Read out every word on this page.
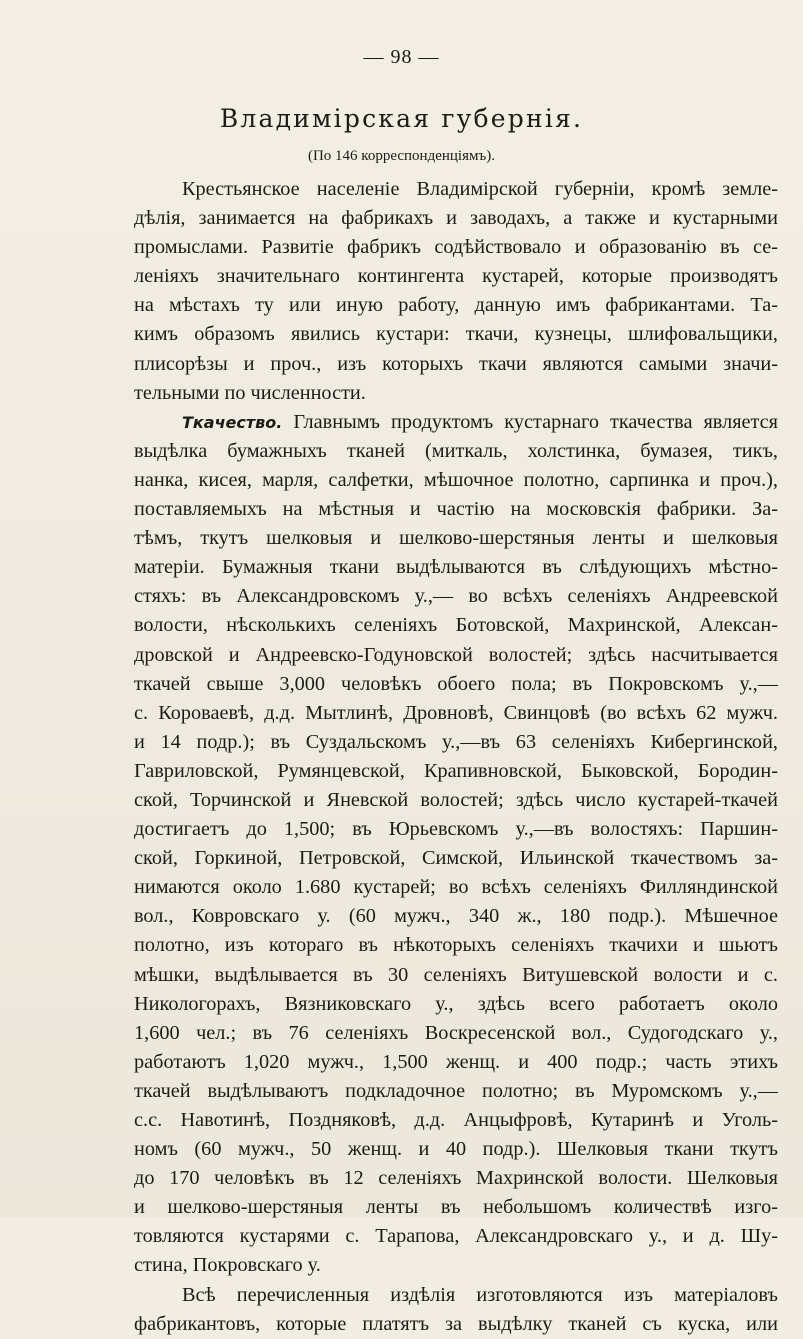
— 98 —
Владимірская губернія.
(По 146 корреспонденціямъ).
Крестьянское населеніе Владимірской губерніи, кромѣ земле-
дѣлія, занимается на фабрикахъ и заводахъ, а также и кустарными
промыслами. Развитіе фабрикъ содѣйствовало и образованію въ се-
леніяхъ значительнаго контингента кустарей, которые производятъ
на мѣстахъ ту или иную работу, данную имъ фабрикантами. Та-
кимъ образомъ явились кустари: ткачи, кузнецы, шлифовальщики,
плисорѣзы и проч., изъ которыхъ ткачи являются самыми значи-
тельными по численности.
Ткачество. Главнымъ продуктомъ кустарнаго ткачества является
выдѣлка бумажныхъ тканей (миткаль, холстинка, бумазея, тикъ,
нанка, кисея, марля, салфетки, мѣшочное полотно, сарпинка и проч.),
поставляемыхъ на мѣстныя и частію на московскія фабрики. За-
тѣмъ, ткутъ шелковыя и шелково-шерстяныя ленты и шелковыя
матеріи. Бумажныя ткани выдѣлываются въ слѣдующихъ мѣстно-
стяхъ: въ Александровскомъ у.,— во всѣхъ селеніяхъ Андреевской
волости, нѣсколькихъ селеніяхъ Ботовской, Махринской, Алексан-
дровской и Андреевско-Годуновской волостей; здѣсь насчитывается
ткачей свыше 3,000 человѣкъ обоего пола; въ Покровскомъ у.,—
с. Короваевѣ, д.д. Мытлинѣ, Дровновѣ, Свинцовѣ (во всѣхъ 62 мужч.
и 14 подр.); въ Суздальскомъ у.,—въ 63 селеніяхъ Кибергинской,
Гавриловской, Румянцевской, Крапивновской, Быковской, Бородин-
ской, Торчинской и Яневской волостей; здѣсь число кустарей-ткачей
достигаетъ до 1,500; въ Юрьевскомъ у.,—въ волостяхъ: Паршин-
ской, Горкиной, Петровской, Симской, Ильинской ткачествомъ за-
нимаются около 1.680 кустарей; во всѣхъ селеніяхъ Филляндинской
вол., Ковровскаго у. (60 мужч., 340 ж., 180 подр.). Мѣшечное
полотно, изъ котораго въ нѣкоторыхъ селеніяхъ ткачихи и шьютъ
мѣшки, выдѣлывается въ 30 селеніяхъ Витушевской волости и с.
Никологорахъ, Вязниковскаго у., здѣсь всего работаетъ около
1,600 чел.; въ 76 селеніяхъ Воскресенской вол., Судогодскаго у.,
работаютъ 1,020 мужч., 1,500 женщ. и 400 подр.; часть этихъ
ткачей выдѣлываютъ подкладочное полотно; въ Муромскомъ у.,—
с.с. Навотинѣ, Поздняковѣ, д.д. Анцыфровѣ, Кутаринѣ и Уголь-
номъ (60 мужч., 50 женщ. и 40 подр.). Шелковыя ткани ткутъ
до 170 человѣкъ въ 12 селеніяхъ Махринской волости. Шелковыя
и шелково-шерстяныя ленты въ небольшомъ количествѣ изго-
товляются кустарями с. Тарапова, Александровскаго у., и д. Шу-
стина, Покровскаго у.
Всѣ перечисленныя издѣлія изготовляются изъ матеріаловъ
фабрикантовъ, которые платятъ за выдѣлку тканей съ куска, или
